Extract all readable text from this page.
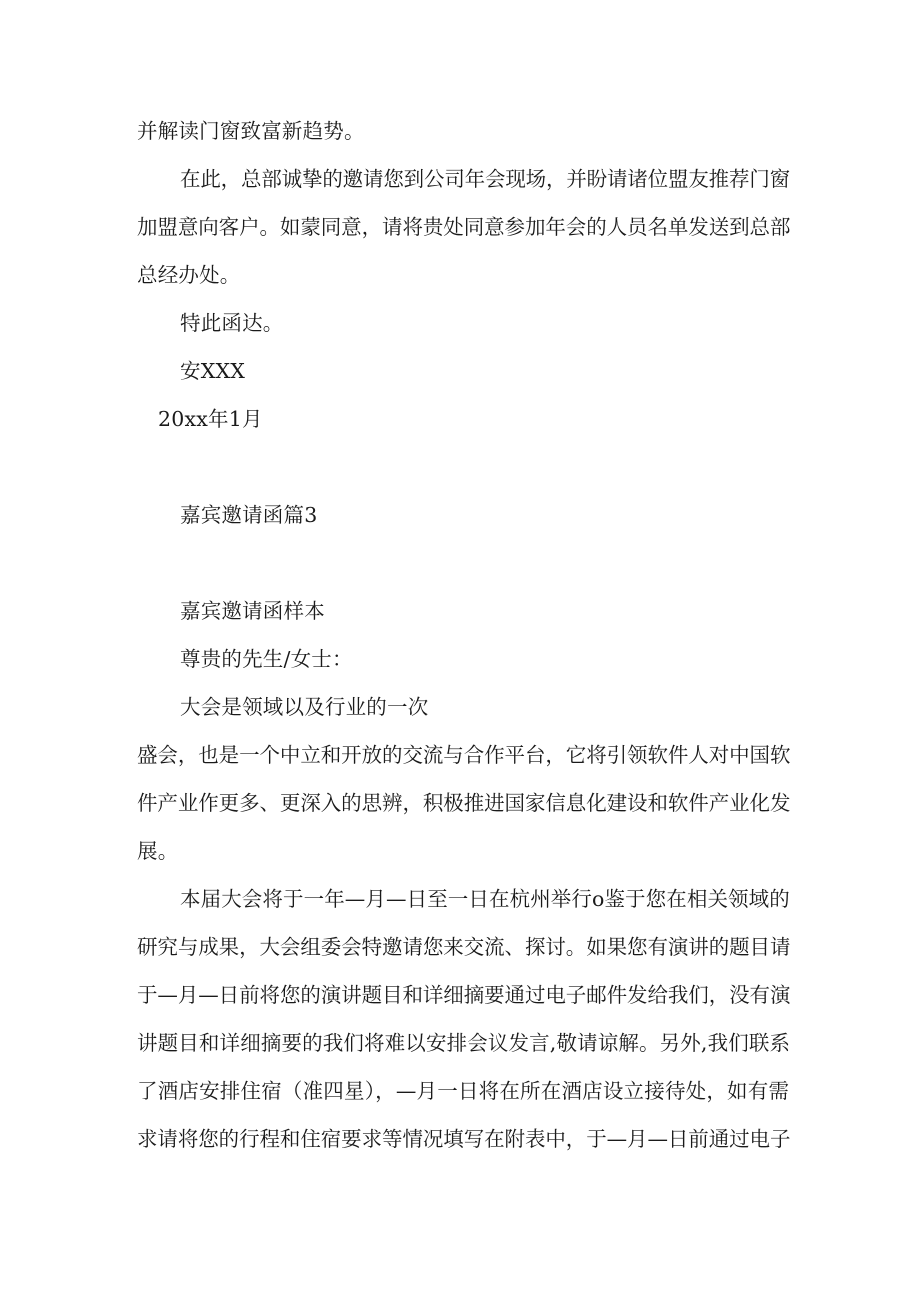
并解读门窗致富新趋势。

在此，总部诚挚的邀请您到公司年会现场，并盼请诸位盟友推荐门窗

加盟意向客户。如蒙同意，请将贵处同意参加年会的人员名单发送到总部

总经办处。

特此函达。

安XXX

20xx年1月

嘉宾邀请函篇3

嘉宾邀请函样本

尊贵的先生/女士：

大会是领域以及行业的一次

盛会，也是一个中立和开放的交流与合作平台，它将引领软件人对中国软

件产业作更多、更深入的思辨，积极推进国家信息化建设和软件产业化发

展。

本届大会将于一年—月—日至一日在杭州举行o鉴于您在相关领域的

研究与成果，大会组委会特邀请您来交流、探讨。如果您有演讲的题目请

于—月—日前将您的演讲题目和详细摘要通过电子邮件发给我们，没有演

讲题目和详细摘要的我们将难以安排会议发言,敬请谅解。另外,我们联系

了酒店安排住宿（准四星），—月一日将在所在酒店设立接待处，如有需

求请将您的行程和住宿要求等情况填写在附表中，于—月—日前通过电子
